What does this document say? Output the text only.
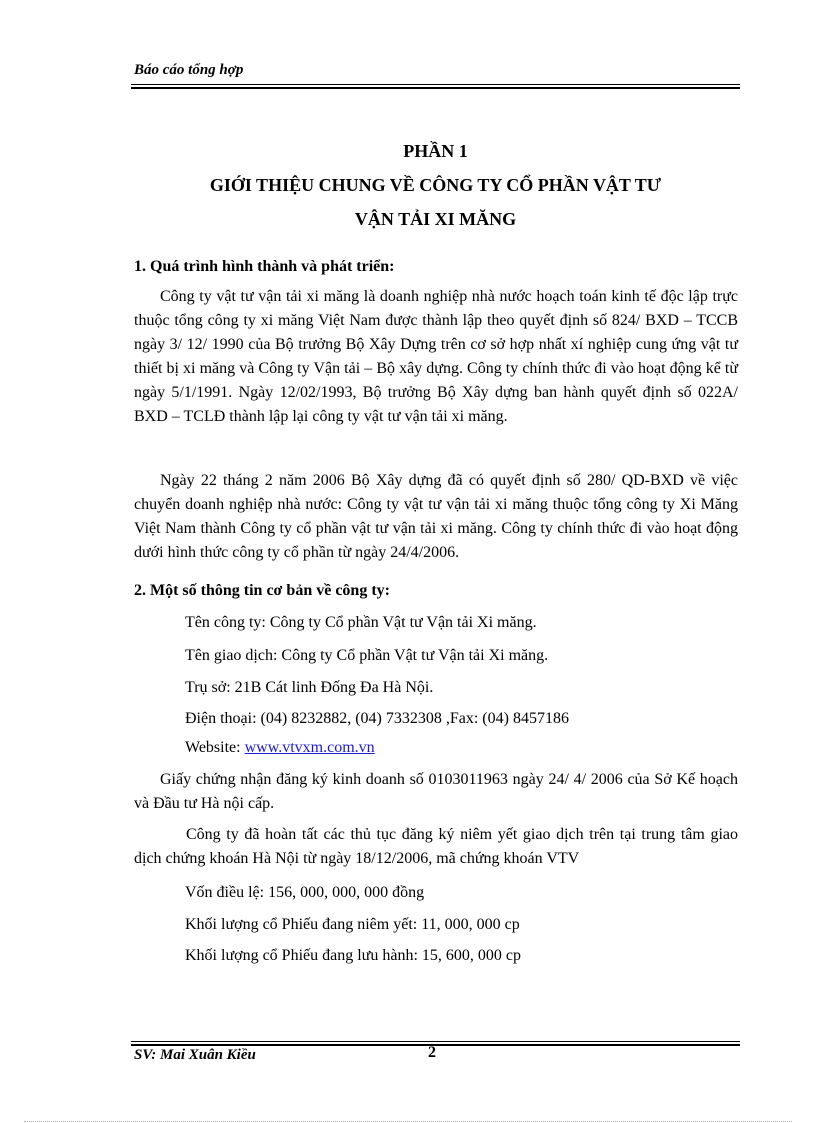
Báo cáo tổng hợp
PHẦN 1
GIỚI THIỆU CHUNG VỀ CÔNG TY CỔ PHẦN VẬT TƯ
VẬN TẢI XI MĂNG
1. Quá trình hình thành và phát triển:
Công ty vật tư vận tải xi măng là doanh nghiệp nhà nước hoạch toán kinh tế độc lập trực thuộc tổng công ty xi măng Việt Nam được thành lập theo quyết định số 824/ BXD – TCCB ngày 3/ 12/ 1990 của Bộ trưởng Bộ Xây Dựng trên cơ sở hợp nhất xí nghiệp cung ứng vật tư thiết bị xi măng và Công ty Vận tải – Bộ xây dựng. Công ty chính thức đi vào hoạt động kể từ ngày 5/1/1991. Ngày 12/02/1993, Bộ trưởng Bộ Xây dựng ban hành quyết định số 022A/ BXD – TCLĐ thành lập lại công ty vật tư vận tải xi măng.
Ngày 22 tháng 2 năm 2006 Bộ Xây dựng đã có quyết định số 280/ QD-BXD về việc chuyển doanh nghiệp nhà nước: Công ty vật tư vận tải xi măng thuộc tổng công ty Xi Măng Việt Nam thành Công ty cổ phần vật tư vận tải xi măng. Công ty chính thức đi vào hoạt động dưới hình thức công ty cổ phần từ ngày 24/4/2006.
2. Một số thông tin cơ bản về công ty:
Tên công ty: Công ty Cổ phần Vật tư Vận tải Xi măng.
Tên giao dịch: Công ty Cổ phần Vật tư Vận tải Xi măng.
Trụ sở: 21B Cát linh Đống Đa Hà Nội.
Điện thoại: (04) 8232882, (04) 7332308 ,Fax: (04) 8457186
Website: www.vtvxm.com.vn
Giấy chứng nhận đăng ký kinh doanh số 0103011963 ngày 24/ 4/ 2006 của Sở Kế hoạch và Đầu tư Hà nội cấp.
Công ty đã hoàn tất các thủ tục đăng ký niêm yết giao dịch trên tại trung tâm giao dịch chứng khoán Hà Nội từ ngày 18/12/2006, mã chứng khoán VTV
Vốn điều lệ: 156, 000, 000, 000 đồng
Khối lượng cổ Phiếu đang niêm yết: 11, 000, 000 cp
Khối lượng cổ Phiếu đang lưu hành: 15, 600, 000 cp
SV: Mai Xuân Kiều	2
